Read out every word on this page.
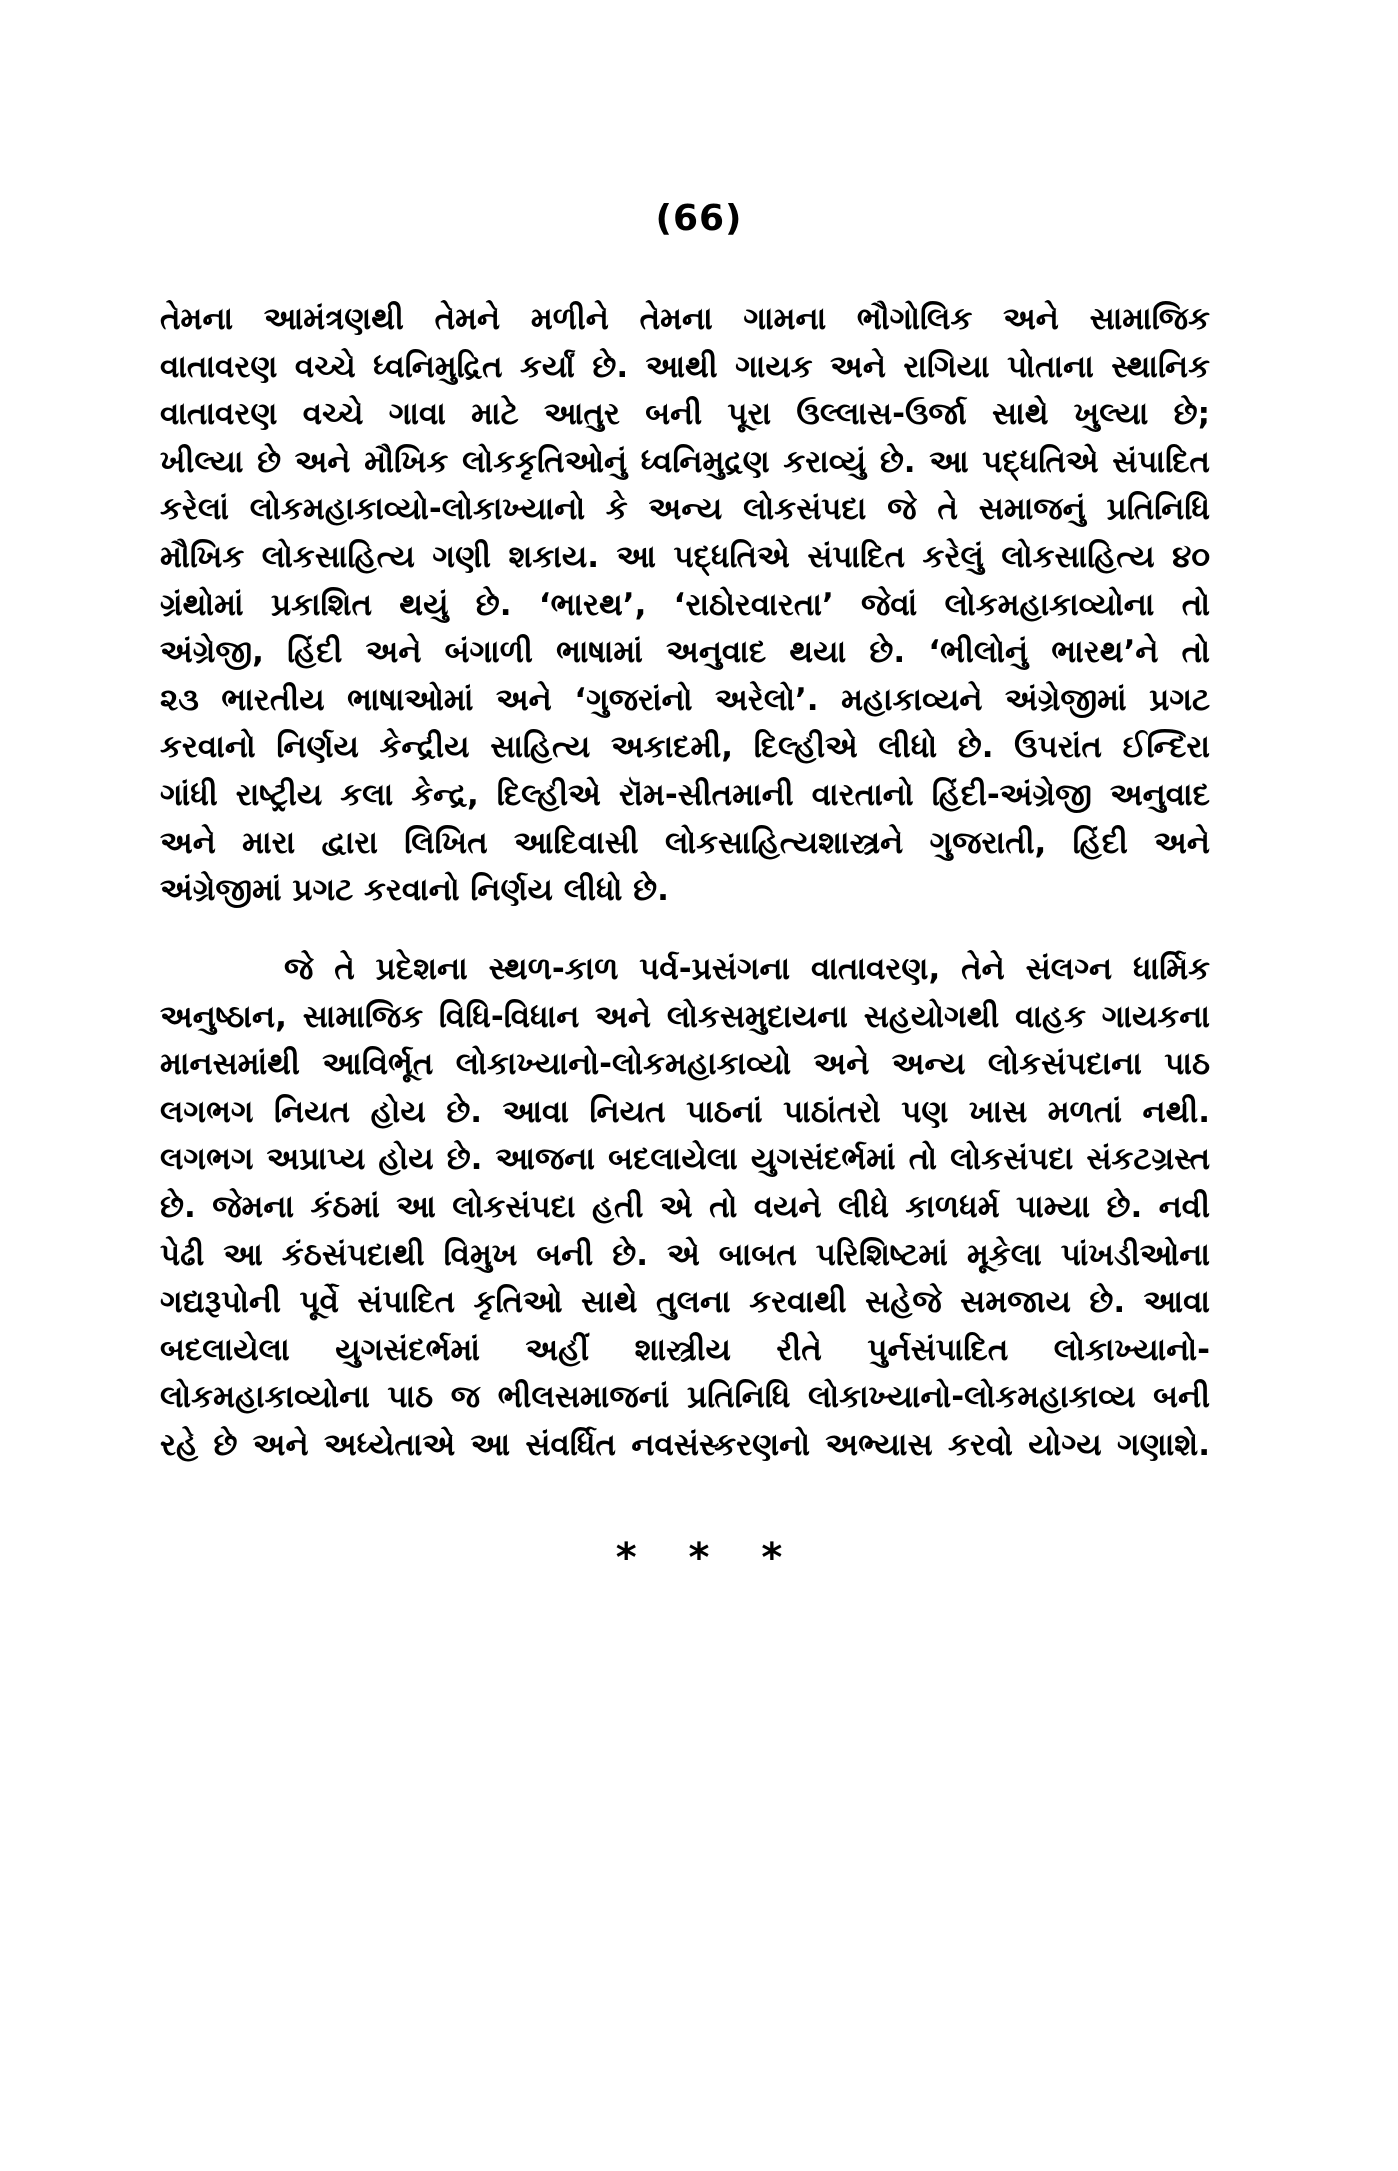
(66)
તેમના આમંત્રણથી તેમને મળીને તેમના ગામના ભૌગોલિક અને સામાજિક
વાતાવરણ વચ્ચે ધ્વનિમુદ્રિત કર્યાં છે. આથી ગાયક અને રાગિયા પોતાના સ્થાનિક
વાતાવરણ વચ્ચે ગાવા માટે આતુર બની પૂરા ઉલ્લાસ-ઉર્જા સાથે ખુલ્યા છે;
ખીલ્યા છે અને મૌખિક લોકકૃતિઓનું ધ્વનિમુદ્રણ કરાવ્યું છે. આ પદ્ધતિએ સંપાદિત
કરેલાં લોકમહાકાવ્યો-લોકાખ્યાનો કે અન્ય લોકસંપદા જે તે સમાજનું પ્રતિનિધિ
મૌખિક લોકસાહિત્ય ગણી શકાય. આ પદ્ધતિએ સંપાદિત કરેલું લોકસાહિત્ય ૪૦
ગ્રંથોમાં પ્રકાશિત થયું છે. ‘ભારથ’, ‘રાઠોરવારતા’ જેવાં લોકમહાકાવ્યોના તો
અંગ્રેજી, હિંદી અને બંગાળી ભાષામાં અનુવાદ થયા છે. ‘ભીલોનું ભારથ’ને તો
૨૩ ભારતીય ભાષાઓમાં અને ‘ગુજરાંનો અરેલો’. મહાકાવ્યને અંગ્રેજીમાં પ્રગટ
કરવાનો નિર્ણય કેન્દ્રીય સાહિત્ય અકાદમી, દિલ્હીએ લીધો છે. ઉપરાંત ઈન્દિરા
ગાંધી રાષ્ટ્રીય કલા કેન્દ્ર, દિલ્હીએ રૉમ-સીતમાની વારતાનો હિંદી-અંગ્રેજી અનુવાદ
અને મારા દ્વારા લિખિત આદિવાસી લોકસાહિત્યશાસ્ત્રને ગુજરાતી, હિંદી અને
અંગ્રેજીમાં પ્રગટ કરવાનો નિર્ણય લીધો છે.
જે તે પ્રદેશના સ્થળ-કાળ પર્વ-પ્રસંગના વાતાવરણ, તેને સંલગ્ન ધાર્મિક
અનુષ્ઠાન, સામાજિક વિધિ-વિધાન અને લોકસમુદાયના સહયોગથી વાહક ગાયકના
માનસમાંથી આવિર્ભૂત લોકાખ્યાનો-લોકમહાકાવ્યો અને અન્ય લોકસંપદાના પાઠ
લગભગ નિયત હોય છે. આવા નિયત પાઠનાં પાઠાંતરો પણ ખાસ મળતાં નથી.
લગભગ અપ્રાપ્ય હોય છે. આજના બદલાયેલા યુગસંદર્ભમાં તો લોકસંપદા સંકટગ્રસ્ત
છે. જેમના કંઠમાં આ લોકસંપદા હતી એ તો વયને લીધે કાળધર્મ પામ્યા છે. નવી
પેઢી આ કંઠસંપદાથી વિમુખ બની છે. એ બાબત પરિશિષ્ટમાં મૂકેલા પાંખડીઓના
ગદ્યરૂપોની પૂર્વે સંપાદિત કૃતિઓ સાથે તુલના કરવાથી સહેજે સમજાય છે. આવા
બદલાયેલા યુગસંદર્ભમાં અહીં શાસ્ત્રીય રીતે પુર્નસંપાદિત લોકાખ્યાનો-
લોકમહાકાવ્યોના પાઠ જ ભીલસમાજનાં પ્રતિનિધિ લોકાખ્યાનો-લોકમહાકાવ્ય બની
રહે છે અને અધ્યેતાએ આ સંવર્ધિત નવસંસ્કરણનો અભ્યાસ કરવો યોગ્ય ગણાશે.
* * *
